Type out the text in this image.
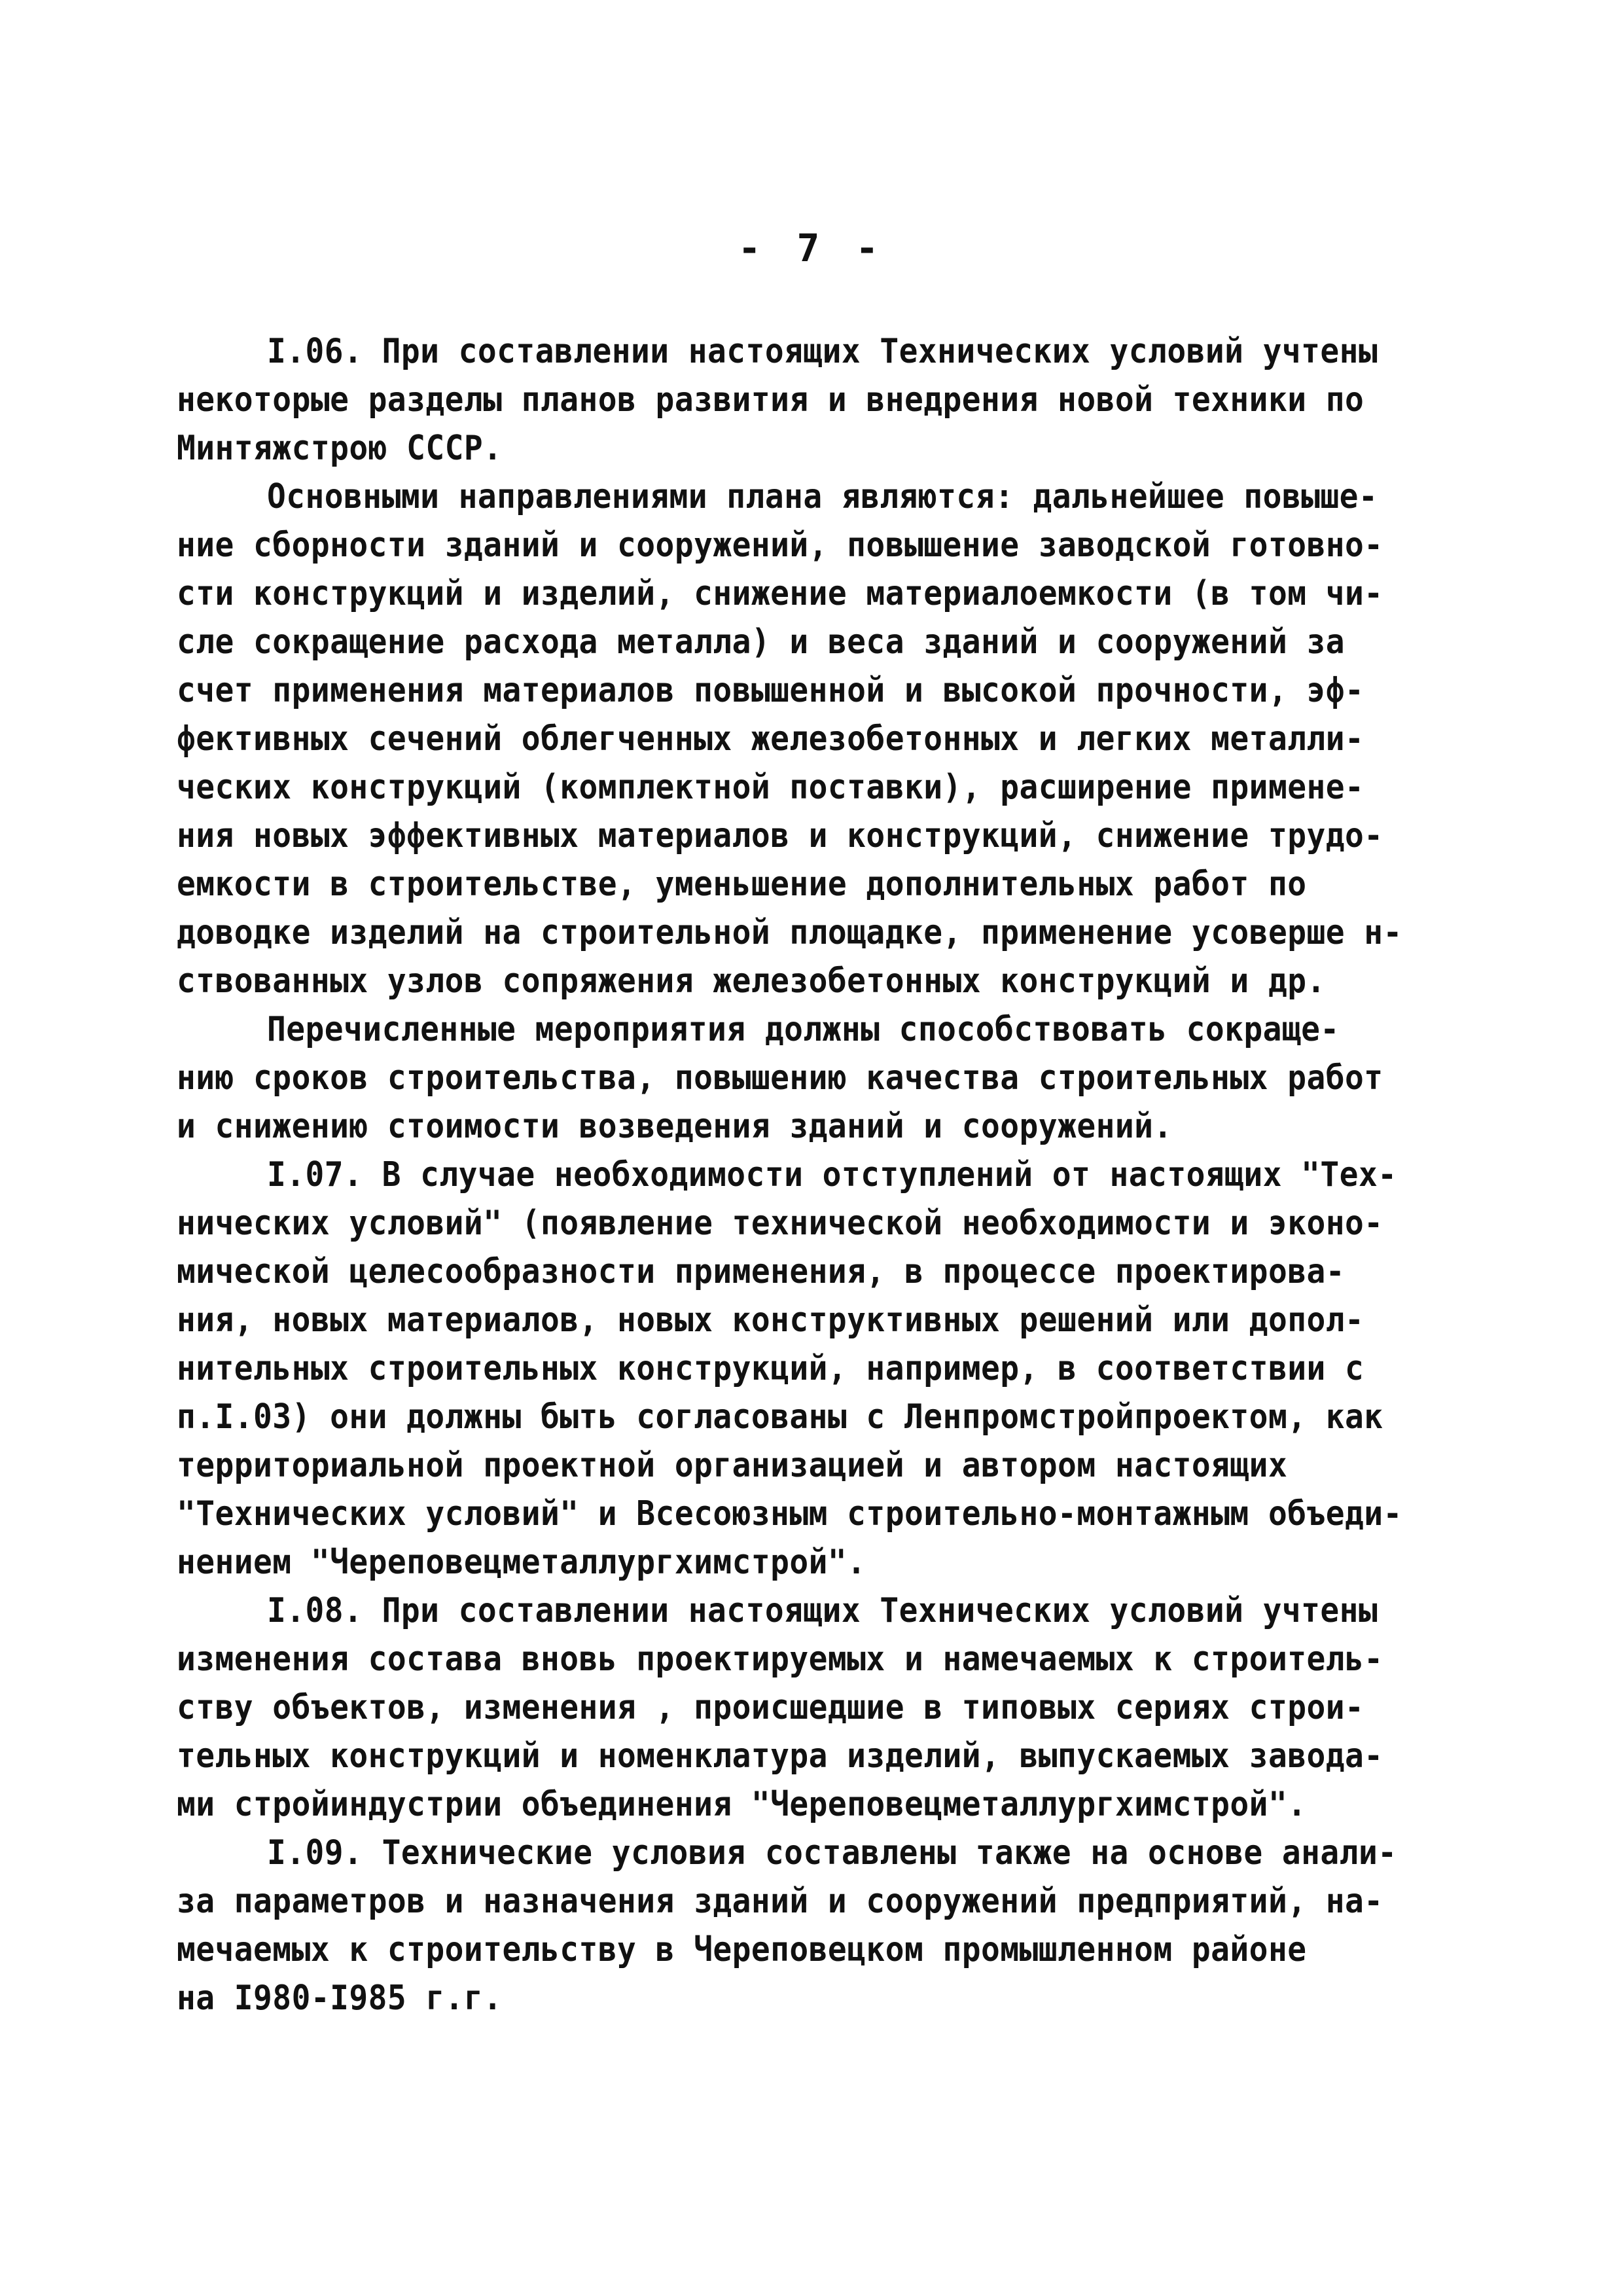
- 7 -
I.06. При составлении настоящих Технических условий учтены
некоторые разделы планов развития и внедрения новой техники по
Минтяжстрою СССР.
Основными направлениями плана являются: дальнейшее повыше-
ние сборности зданий и сооружений, повышение заводской готовно-
сти конструкций и изделий, снижение материалоемкости (в том чи-
сле сокращение расхода металла) и веса зданий и сооружений за
счет применения материалов повышенной и высокой прочности, эф-
фективных сечений облегченных железобетонных и легких металли-
ческих конструкций (комплектной поставки), расширение примене-
ния новых эффективных материалов и конструкций, снижение трудо-
емкости в строительстве, уменьшение дополнительных работ по
доводке изделий на строительной площадке, применение усоверше н-
ствованных узлов сопряжения железобетонных конструкций и др.
Перечисленные мероприятия должны способствовать сокраще-
нию сроков строительства, повышению качества строительных работ
и снижению стоимости возведения зданий и сооружений.
I.07. В случае необходимости отступлений от настоящих "Тех-
нических условий" (появление технической необходимости и эконо-
мической целесообразности применения, в процессе проектирова-
ния, новых материалов, новых конструктивных решений или допол-
нительных строительных конструкций, например, в соответствии с
п.I.03) они должны быть согласованы с Ленпромстройпроектом, как
территориальной проектной организацией и автором настоящих
"Технических условий" и Всесоюзным строительно-монтажным объеди-
нением "Череповецметаллургхимстрой".
I.08. При составлении настоящих Технических условий учтены
изменения состава вновь проектируемых и намечаемых к строитель-
ству объектов, изменения , происшедшие в типовых сериях строи-
тельных конструкций и номенклатура изделий, выпускаемых заводa-
ми стройиндустрии объединения "Череповецметаллургхимстрой".
I.09. Технические условия составлены также на основе анали-
за параметров и назначения зданий и сооружений предприятий, на-
мечаемых к строительству в Череповецком промышленном районе
на I980-I985 г.г.
